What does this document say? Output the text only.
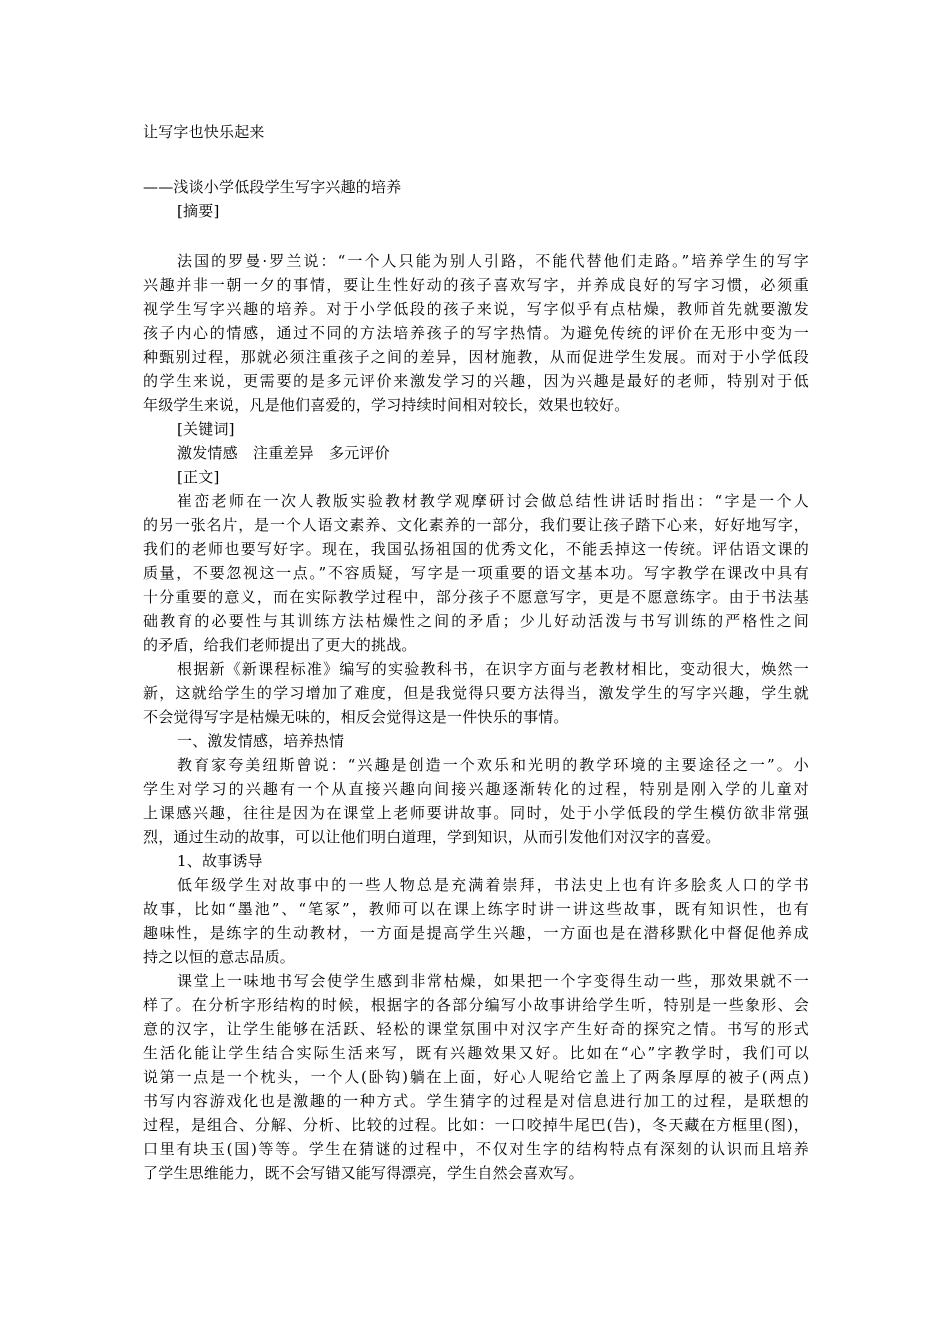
让写字也快乐起来
——浅谈小学低段学生写字兴趣的培养
[摘要]
法国的罗曼·罗兰说：“一个人只能为别人引路，不能代替他们走路。”培养学生的写字
兴趣并非一朝一夕的事情，要让生性好动的孩子喜欢写字，并养成良好的写字习惯，必须重
视学生写字兴趣的培养。对于小学低段的孩子来说，写字似乎有点枯燥，教师首先就要激发
孩子内心的情感，通过不同的方法培养孩子的写字热情。为避免传统的评价在无形中变为一
种甄别过程，那就必须注重孩子之间的差异，因材施教，从而促进学生发展。而对于小学低段
的学生来说，更需要的是多元评价来激发学习的兴趣，因为兴趣是最好的老师，特别对于低
年级学生来说，凡是他们喜爱的，学习持续时间相对较长，效果也较好。
[关键词]
激发情感　注重差异　多元评价
[正文]
崔峦老师在一次人教版实验教材教学观摩研讨会做总结性讲话时指出：“字是一个人
的另一张名片，是一个人语文素养、文化素养的一部分，我们要让孩子踏下心来，好好地写字，
我们的老师也要写好字。现在，我国弘扬祖国的优秀文化，不能丢掉这一传统。评估语文课的
质量，不要忽视这一点。”不容质疑，写字是一项重要的语文基本功。写字教学在课改中具有
十分重要的意义，而在实际教学过程中，部分孩子不愿意写字，更是不愿意练字。由于书法基
础教育的必要性与其训练方法枯燥性之间的矛盾；少儿好动活泼与书写训练的严格性之间
的矛盾，给我们老师提出了更大的挑战。
根据新《新课程标准》编写的实验教科书，在识字方面与老教材相比，变动很大，焕然一
新，这就给学生的学习增加了难度，但是我觉得只要方法得当，激发学生的写字兴趣，学生就
不会觉得写字是枯燥无味的，相反会觉得这是一件快乐的事情。
一、激发情感，培养热情
教育家夸美纽斯曾说：“兴趣是创造一个欢乐和光明的教学环境的主要途径之一”。小
学生对学习的兴趣有一个从直接兴趣向间接兴趣逐渐转化的过程，特别是刚入学的儿童对
上课感兴趣，往往是因为在课堂上老师要讲故事。同时，处于小学低段的学生模仿欲非常强
烈，通过生动的故事，可以让他们明白道理，学到知识，从而引发他们对汉字的喜爱。
1、故事诱导
低年级学生对故事中的一些人物总是充满着崇拜，书法史上也有许多脍炙人口的学书
故事，比如“墨池”、“笔冢”，教师可以在课上练字时讲一讲这些故事，既有知识性，也有
趣味性，是练字的生动教材，一方面是提高学生兴趣，一方面也是在潜移默化中督促他养成
持之以恒的意志品质。
课堂上一味地书写会使学生感到非常枯燥，如果把一个字变得生动一些，那效果就不一
样了。在分析字形结构的时候，根据字的各部分编写小故事讲给学生听，特别是一些象形、会
意的汉字，让学生能够在活跃、轻松的课堂氛围中对汉字产生好奇的探究之情。书写的形式
生活化能让学生结合实际生活来写，既有兴趣效果又好。比如在“心”字教学时，我们可以
说第一点是一个枕头，一个人(卧钩)躺在上面，好心人呢给它盖上了两条厚厚的被子(两点)
书写内容游戏化也是激趣的一种方式。学生猜字的过程是对信息进行加工的过程，是联想的
过程，是组合、分解、分析、比较的过程。比如：一口咬掉牛尾巴(告)，冬天藏在方框里(图)，
口里有块玉(国)等等。学生在猜谜的过程中，不仅对生字的结构特点有深刻的认识而且培养
了学生思维能力，既不会写错又能写得漂亮，学生自然会喜欢写。
